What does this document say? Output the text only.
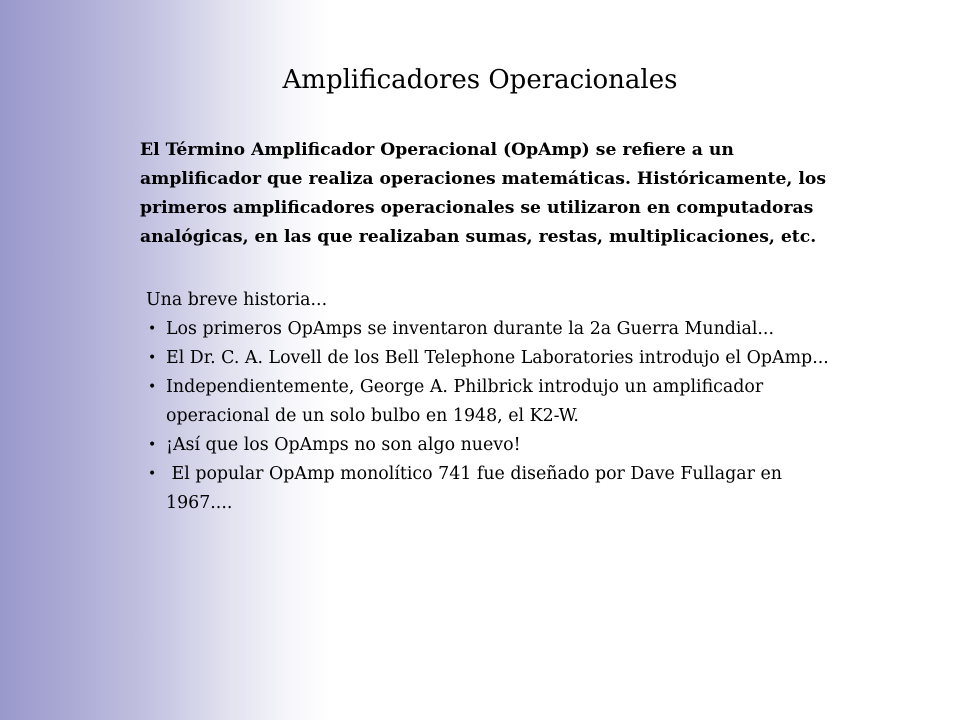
Amplificadores Operacionales

El Término Amplificador Operacional (OpAmp) se refiere a un amplificador que realiza operaciones matemáticas. Históricamente, los primeros amplificadores operacionales se utilizaron en computadoras analógicas, en las que realizaban sumas, restas, multiplicaciones, etc.

Una breve historia...

• Los primeros OpAmps se inventaron durante la 2a Guerra Mundial...
• El Dr. C. A. Lovell de los Bell Telephone Laboratories introdujo el OpAmp...
• Independientemente, George A. Philbrick introdujo un amplificador operacional de un solo bulbo en 1948, el K2-W.
• ¡Así que los OpAmps no son algo nuevo!
• El popular OpAmp monolítico 741 fue diseñado por Dave Fullagar en 1967....
